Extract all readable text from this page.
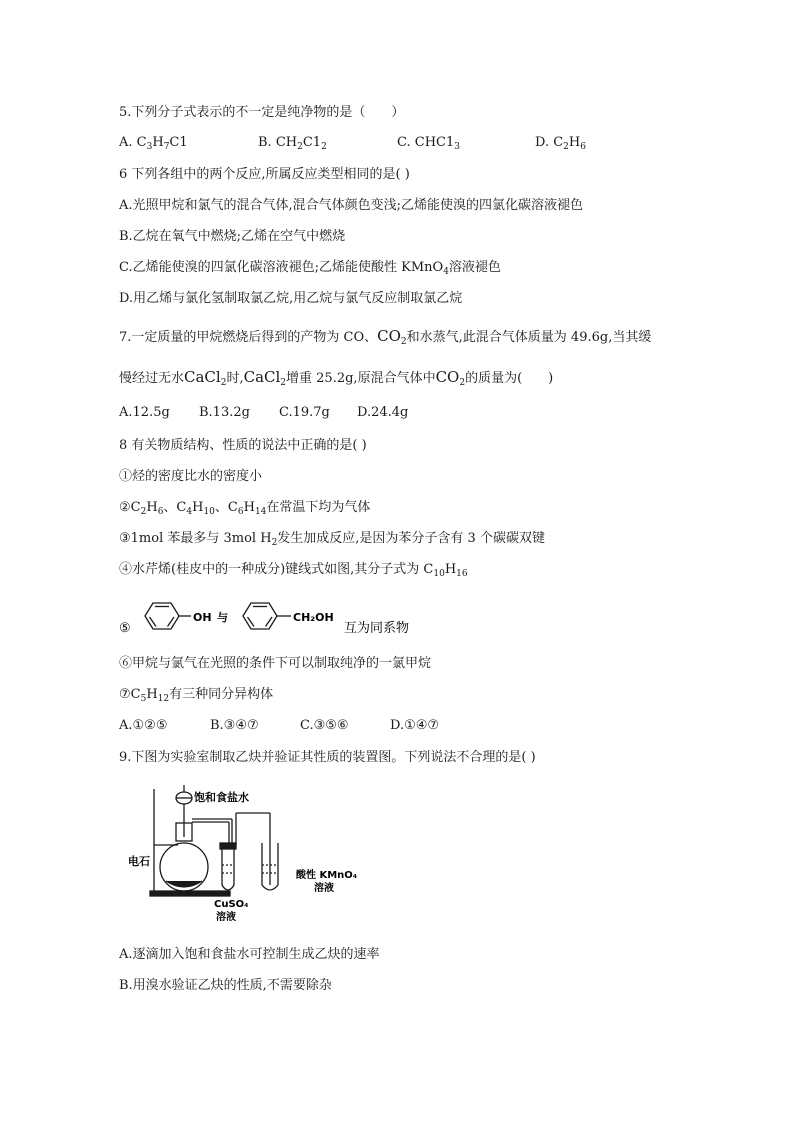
5.下列分子式表示的不一定是纯净物的是（　　）
A. $C_3H_7C1$	B. $CH_2C1_2$	C. $CHC1_3$	D. $C_2H_6$
6 下列各组中的两个反应,所属反应类型相同的是( )
A.光照甲烷和氯气的混合气体,混合气体颜色变浅;乙烯能使溴的四氯化碳溶液褪色
B.乙烷在氧气中燃烧;乙烯在空气中燃烧
C.乙烯能使溴的四氯化碳溶液褪色;乙烯能使酸性 KMnO$_4$溶液褪色
D.用乙烯与氯化氢制取氯乙烷,用乙烷与氯气反应制取氯乙烷
7.一定质量的甲烷燃烧后得到的产物为 CO、$CO_2$和水蒸气,此混合气体质量为 49.6g,当其缓
慢经过无水CaCl$_2$时,CaCl$_2$增重 25.2g,原混合气体中$CO_2$的质量为(　　)
A.12.5g B.13.2g C.19.7g D.24.4g
8 有关物质结构、性质的说法中正确的是( )
①烃的密度比水的密度小
$②C_2H_6$、$C_4H_{10}$、$C_6H_{14}$在常温下均为气体
③1mol 苯最多与 3mol $H_2$发生加成反应,是因为苯分子含有 3 个碳碳双键
④水芹烯(桂皮中的一种成分)键线式如图,其分子式为 $C_{10}H_{16}$
⑤
OH 与	CH₂OH
互为同系物
⑥甲烷与氯气在光照的条件下可以制取纯净的一氯甲烷
$⑦C_5H_{12}$有三种同分异构体
A.①②⑤	B.③④⑦	C.③⑤⑥	D.①④⑦
9.下图为实验室制取乙炔并验证其性质的装置图。下列说法不合理的是( )
饱和食盐水
电石
CuSO₄
溶液
酸性 KMnO₄
溶液
A.逐滴加入饱和食盐水可控制生成乙炔的速率
B.用溴水验证乙炔的性质,不需要除杂
